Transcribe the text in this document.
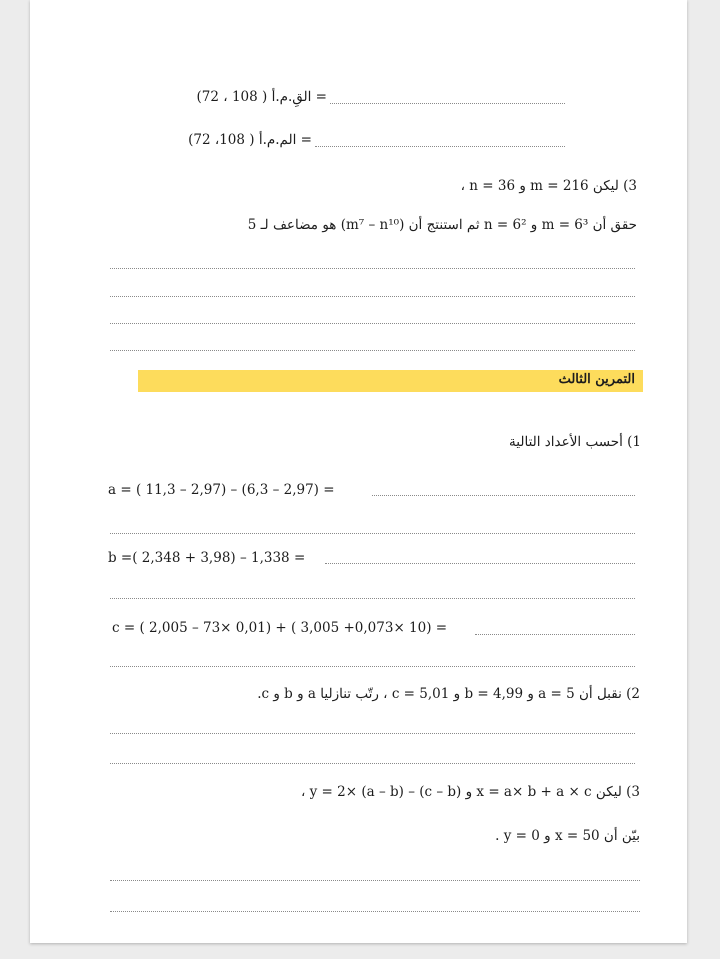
= القِ.م.أ ( 108 ، 72)
= الم.م.أ ( 108، 72)
3) ليكن m = 216 و n = 36 ،
حقق أن m = 6³ و n = 6² ثم استنتج أن (m⁷ – n¹⁰) هو مضاعف لـ 5
التمرين الثالث
1) أحسب الأعداد التالية
a = ( 11,3 – 2,97) – (6,3 – 2,97) =
b =( 2,348 + 3,98) – 1,338 =
c = ( 2,005 – 73× 0,01) + ( 3,005 +0,073× 10) =
2) نقبل أن a = 5 و b = 4,99 و c = 5,01 ، رتّب تنازليا a و b و c.
3) ليكن x = a× b + a × c و y = 2× (a – b) – (c – b) ،
بيّن أن x = 50 و y = 0 .
